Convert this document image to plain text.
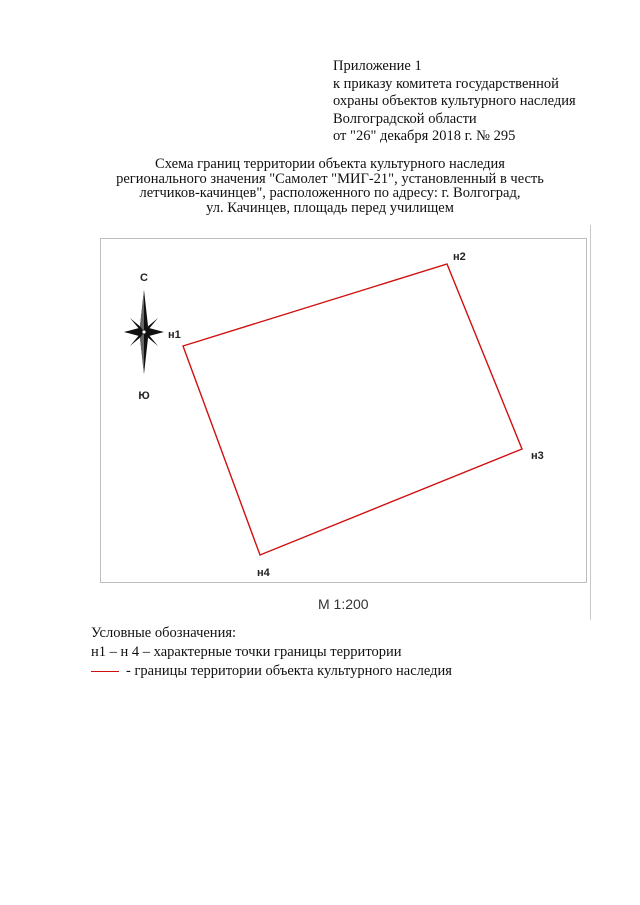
Приложение 1
к приказу комитета государственной
охраны объектов культурного наследия
Волгоградской области
от "26" декабря 2018 г. № 295
Схема границ территории объекта культурного наследия
регионального значения "Самолет "МИГ-21", установленный в честь
летчиков-качинцев", расположенного по адресу: г. Волгоград,
ул. Качинцев, площадь перед училищем
С
Ю
н1
н2
н3
н4
М 1:200
Условные обозначения:
н1 – н 4 – характерные точки границы территории
- границы территории объекта культурного наследия
